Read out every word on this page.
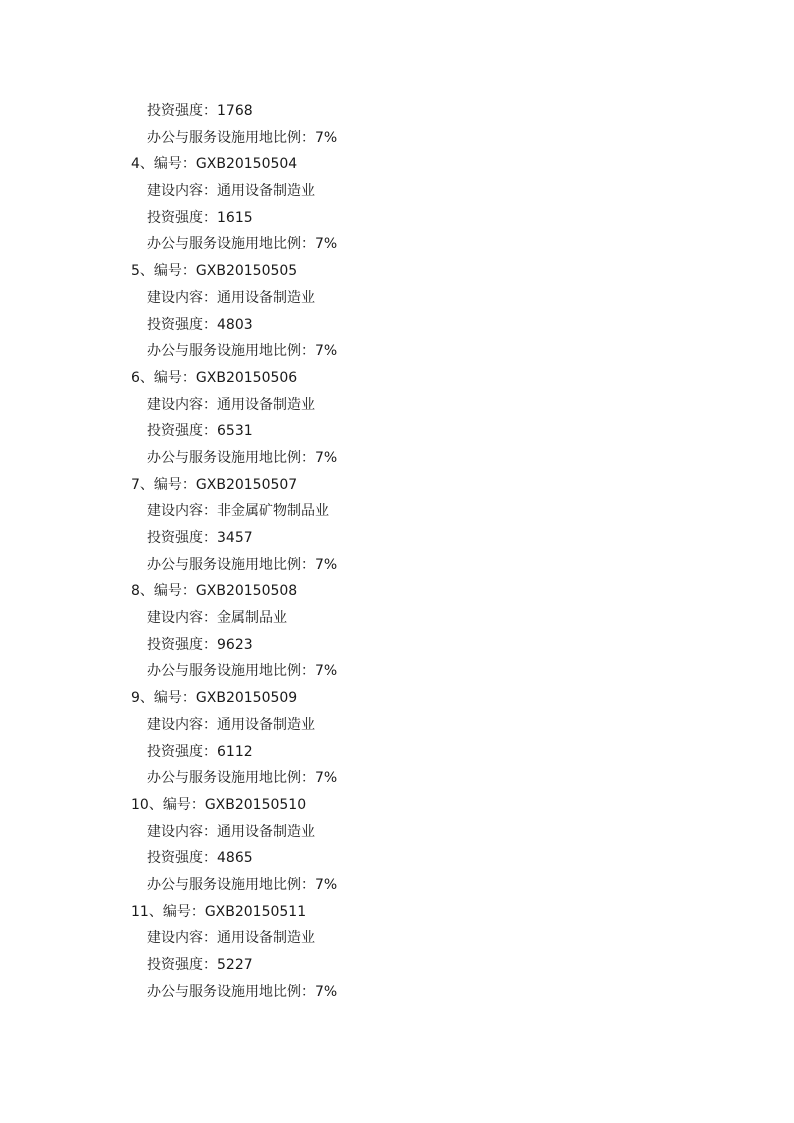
投资强度：1768
办公与服务设施用地比例：7%
4、编号：GXB20150504
建设内容：通用设备制造业
投资强度：1615
办公与服务设施用地比例：7%
5、编号：GXB20150505
建设内容：通用设备制造业
投资强度：4803
办公与服务设施用地比例：7%
6、编号：GXB20150506
建设内容：通用设备制造业
投资强度：6531
办公与服务设施用地比例：7%
7、编号：GXB20150507
建设内容：非金属矿物制品业
投资强度：3457
办公与服务设施用地比例：7%
8、编号：GXB20150508
建设内容：金属制品业
投资强度：9623
办公与服务设施用地比例：7%
9、编号：GXB20150509
建设内容：通用设备制造业
投资强度：6112
办公与服务设施用地比例：7%
10、编号：GXB20150510
建设内容：通用设备制造业
投资强度：4865
办公与服务设施用地比例：7%
11、编号：GXB20150511
建设内容：通用设备制造业
投资强度：5227
办公与服务设施用地比例：7%
